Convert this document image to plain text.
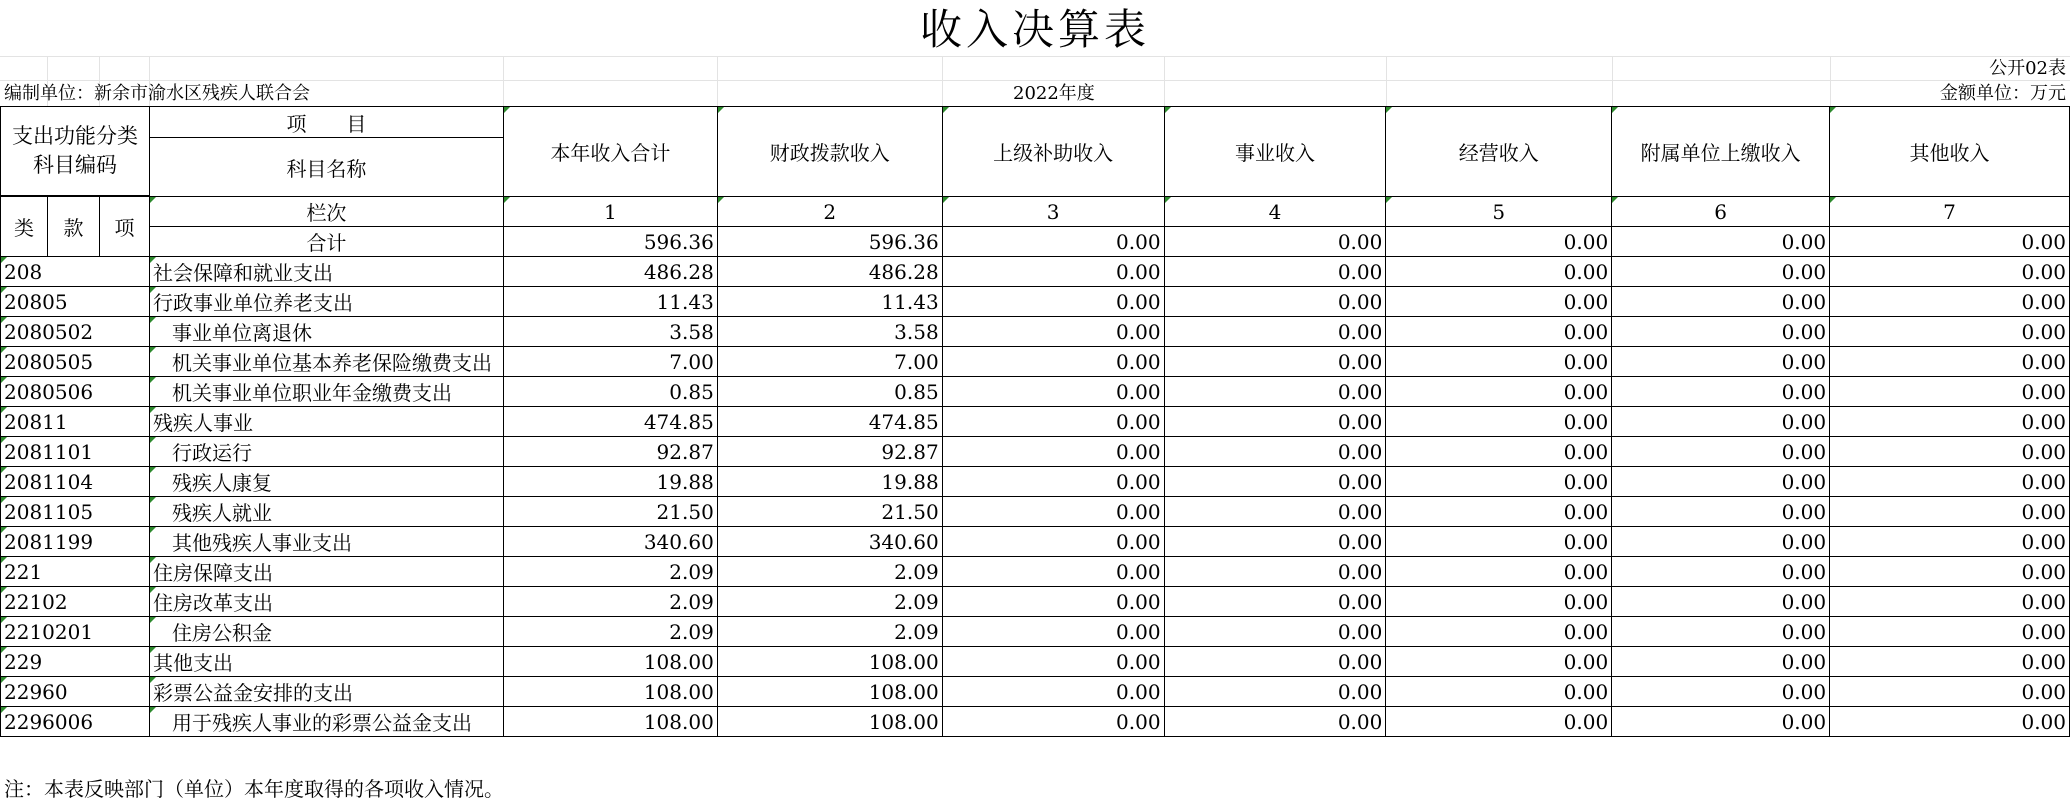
收入决算表
公开02表
编制单位：新余市渝水区残疾人联合会	2022年度	金额单位：万元
支出功能分类
科目编码			项　　目	本年收入合计	财政拨款收入	上级补助收入	事业收入	经营收入	附属单位上缴收入	其他收入
			科目名称							

类	款	项	栏次	1	2	3	4	5	6	7
			合计	596.36	596.36	0.00	0.00	0.00	0.00	0.00
208			社会保障和就业支出	486.28	486.28	0.00	0.00	0.00	0.00	0.00
20805			行政事业单位养老支出	11.43	11.43	0.00	0.00	0.00	0.00	0.00
2080502			事业单位离退休	3.58	3.58	0.00	0.00	0.00	0.00	0.00
2080505			机关事业单位基本养老保险缴费支出	7.00	7.00	0.00	0.00	0.00	0.00	0.00
2080506			机关事业单位职业年金缴费支出	0.85	0.85	0.00	0.00	0.00	0.00	0.00
20811			残疾人事业	474.85	474.85	0.00	0.00	0.00	0.00	0.00
2081101			行政运行	92.87	92.87	0.00	0.00	0.00	0.00	0.00
2081104			残疾人康复	19.88	19.88	0.00	0.00	0.00	0.00	0.00
2081105			残疾人就业	21.50	21.50	0.00	0.00	0.00	0.00	0.00
2081199			其他残疾人事业支出	340.60	340.60	0.00	0.00	0.00	0.00	0.00
221			住房保障支出	2.09	2.09	0.00	0.00	0.00	0.00	0.00
22102			住房改革支出	2.09	2.09	0.00	0.00	0.00	0.00	0.00
2210201			住房公积金	2.09	2.09	0.00	0.00	0.00	0.00	0.00
229			其他支出	108.00	108.00	0.00	0.00	0.00	0.00	0.00
22960			彩票公益金安排的支出	108.00	108.00	0.00	0.00	0.00	0.00	0.00
2296006			用于残疾人事业的彩票公益金支出	108.00	108.00	0.00	0.00	0.00	0.00	0.00
注：本表反映部门（单位）本年度取得的各项收入情况。
